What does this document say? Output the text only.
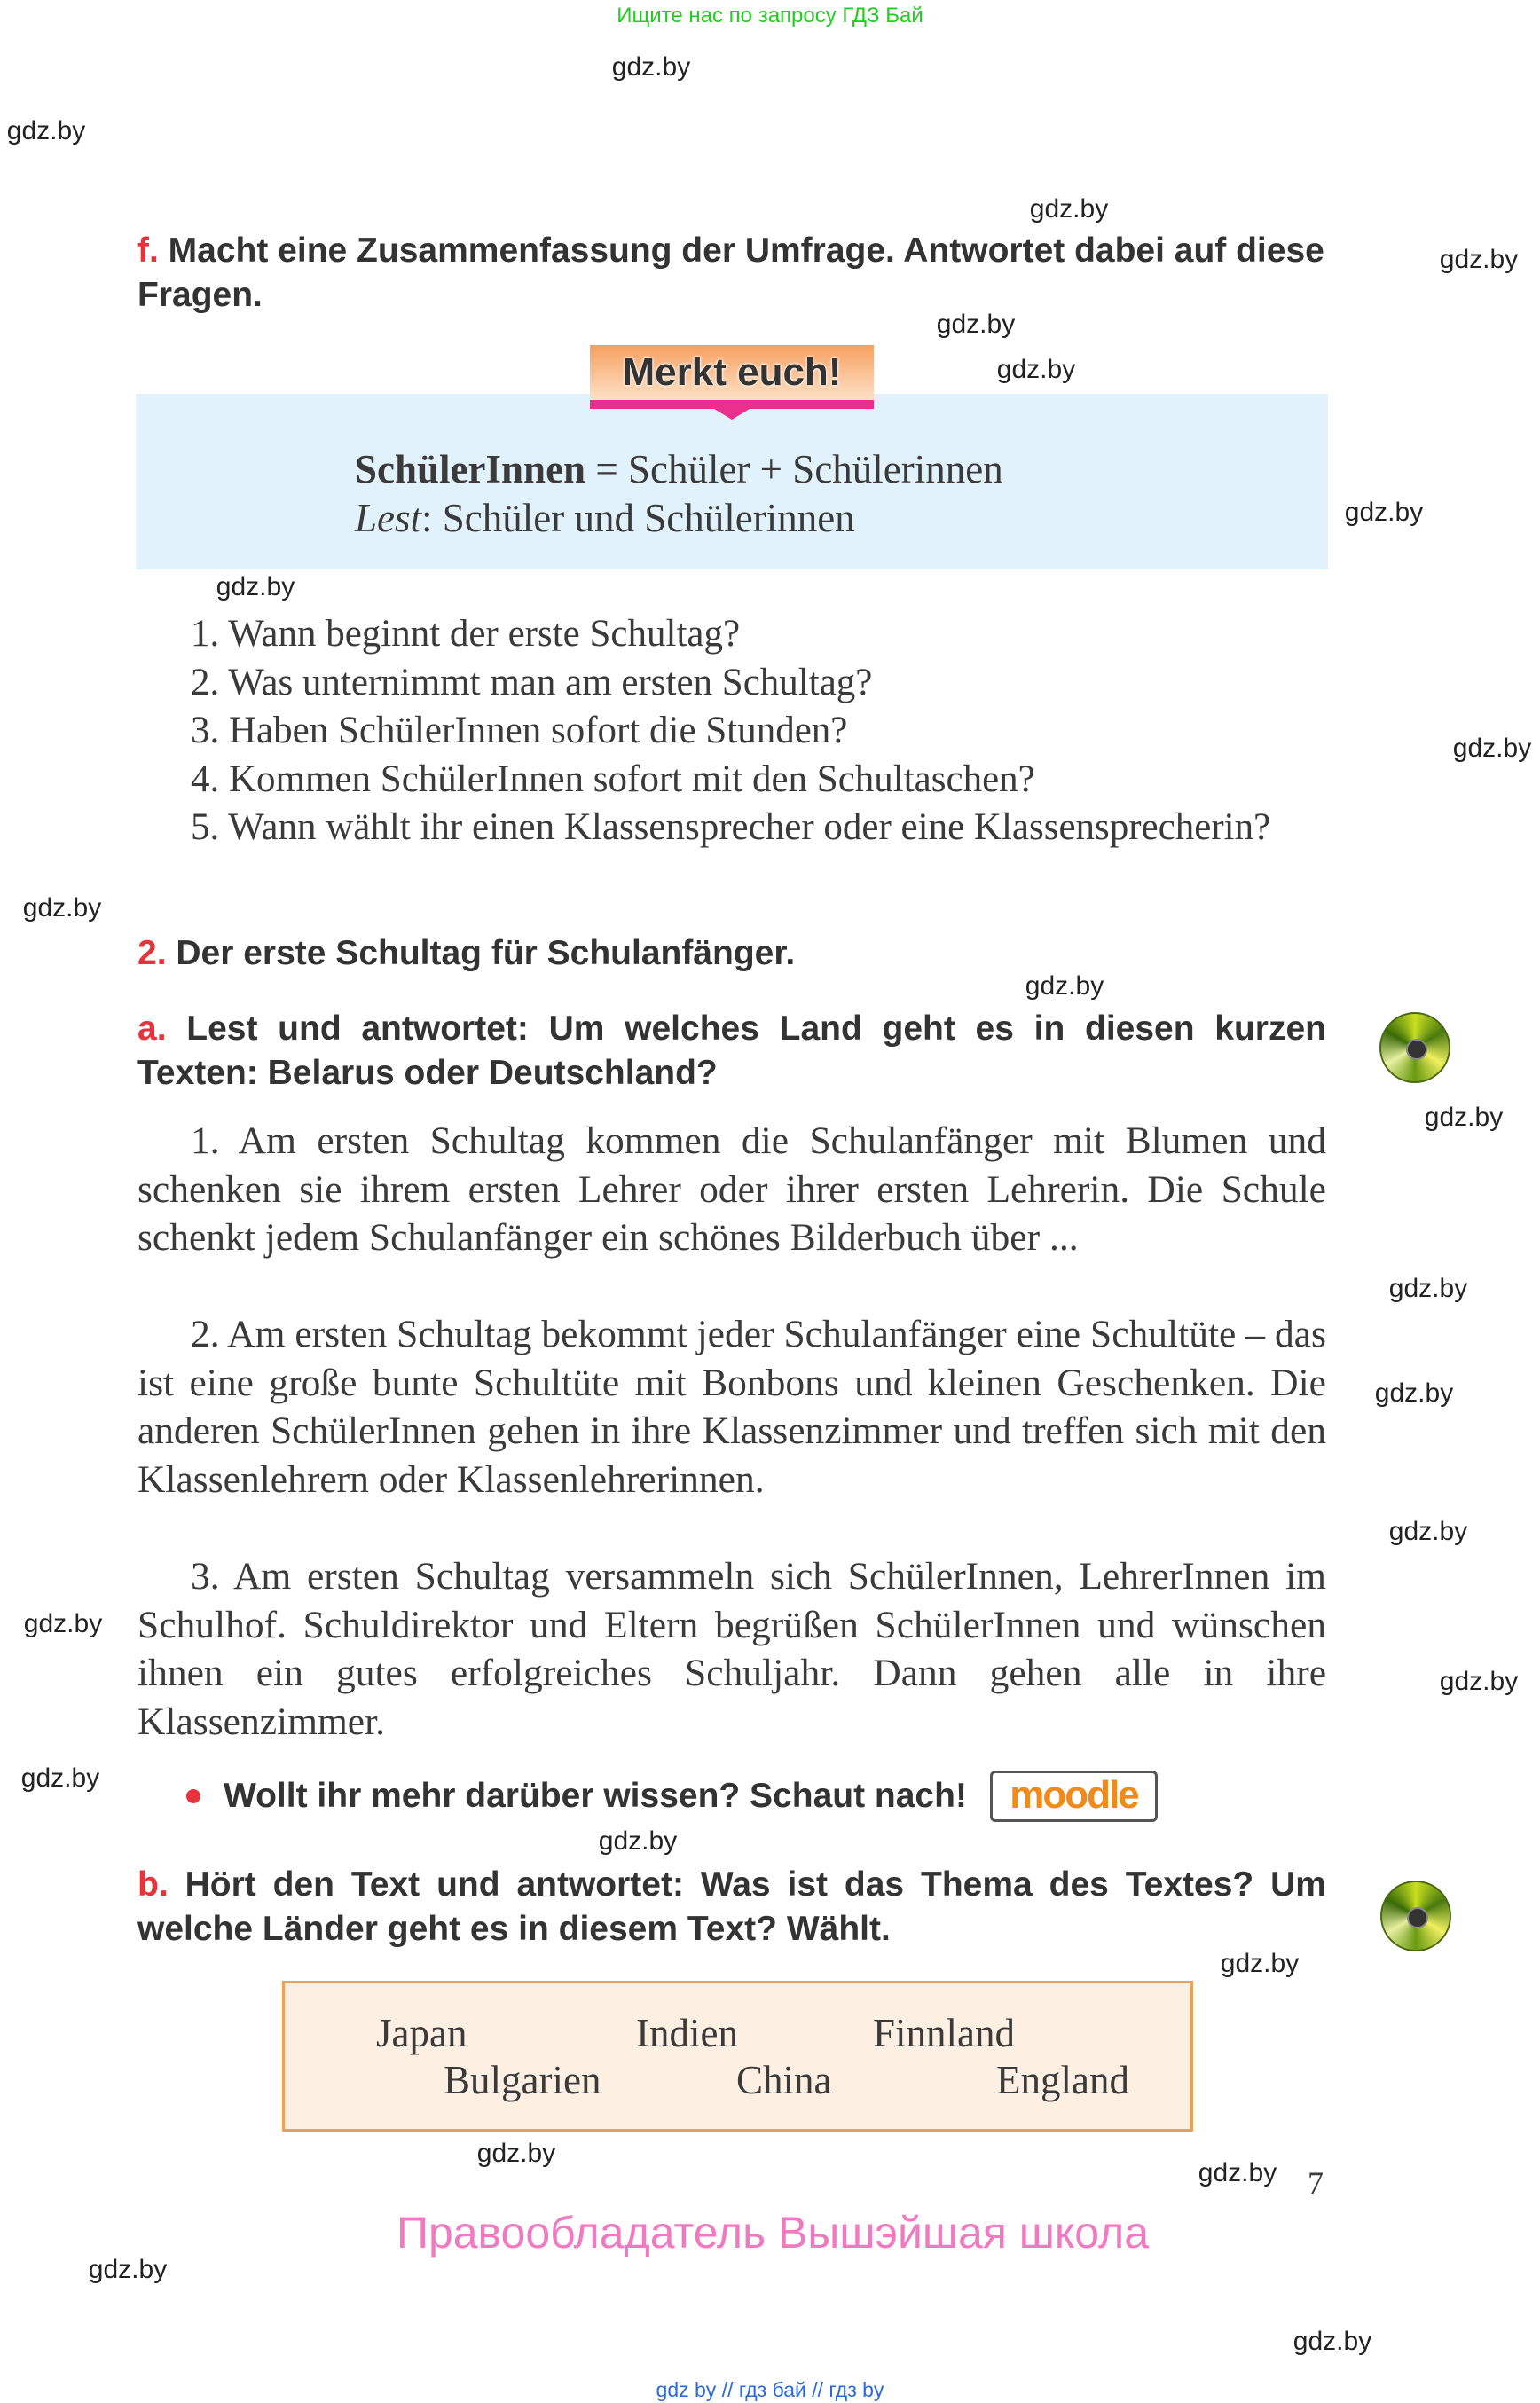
Ищите нас по запросу ГДЗ Бай
f. Macht eine Zusammenfassung der Umfrage. Antwortet dabei auf diese Fragen.
Merkt euch!
SchülerInnen = Schüler + Schülerinnen
Lest: Schüler und Schülerinnen
1. Wann beginnt der erste Schultag?
2. Was unternimmt man am ersten Schultag?
3. Haben SchülerInnen sofort die Stunden?
4. Kommen SchülerInnen sofort mit den Schultaschen?
5. Wann wählt ihr einen Klassensprecher oder eine Klassensprecherin?
2. Der erste Schultag für Schulanfänger.
a. Lest und antwortet: Um welches Land geht es in diesen kurzen Texten: Belarus oder Deutschland?

1. Am ersten Schultag kommen die Schulanfänger mit Blumen und schenken sie ihrem ersten Lehrer oder ihrer ersten Lehrerin. Die Schule schenkt jedem Schulanfänger ein schönes Bilderbuch über ...

2. Am ersten Schultag bekommt jeder Schulanfänger eine Schultüte – das ist eine große bunte Schultüte mit Bonbons und kleinen Geschenken. Die anderen SchülerInnen gehen in ihre Klassenzimmer und treffen sich mit den Klassenlehrern oder Klassenlehrerinnen.

3. Am ersten Schultag versammeln sich SchülerInnen, LehrerInnen im Schulhof. Schuldirektor und Eltern begrüßen SchülerInnen und wünschen ihnen ein gutes erfolgreiches Schuljahr. Dann gehen alle in ihre Klassenzimmer.

Wollt ihr mehr darüber wissen? Schaut nach!	moodle
b. Hört den Text und antwortet: Was ist das Thema des Textes? Um welche Länder geht es in diesem Text? Wählt.
Japan	Indien	Finnland
Bulgarien	China	England
7
Правообладатель Вышэйшая школа
gdz by // гдз бай // гдз by
gdz.by
gdz.by
gdz.by
gdz.by
gdz.by
gdz.by
gdz.by
gdz.by
gdz.by
gdz.by
gdz.by
gdz.by
gdz.by
gdz.by
gdz.by
gdz.by
gdz.by
gdz.by
gdz.by
gdz.by
gdz.by
gdz.by
gdz.by
gdz.by
